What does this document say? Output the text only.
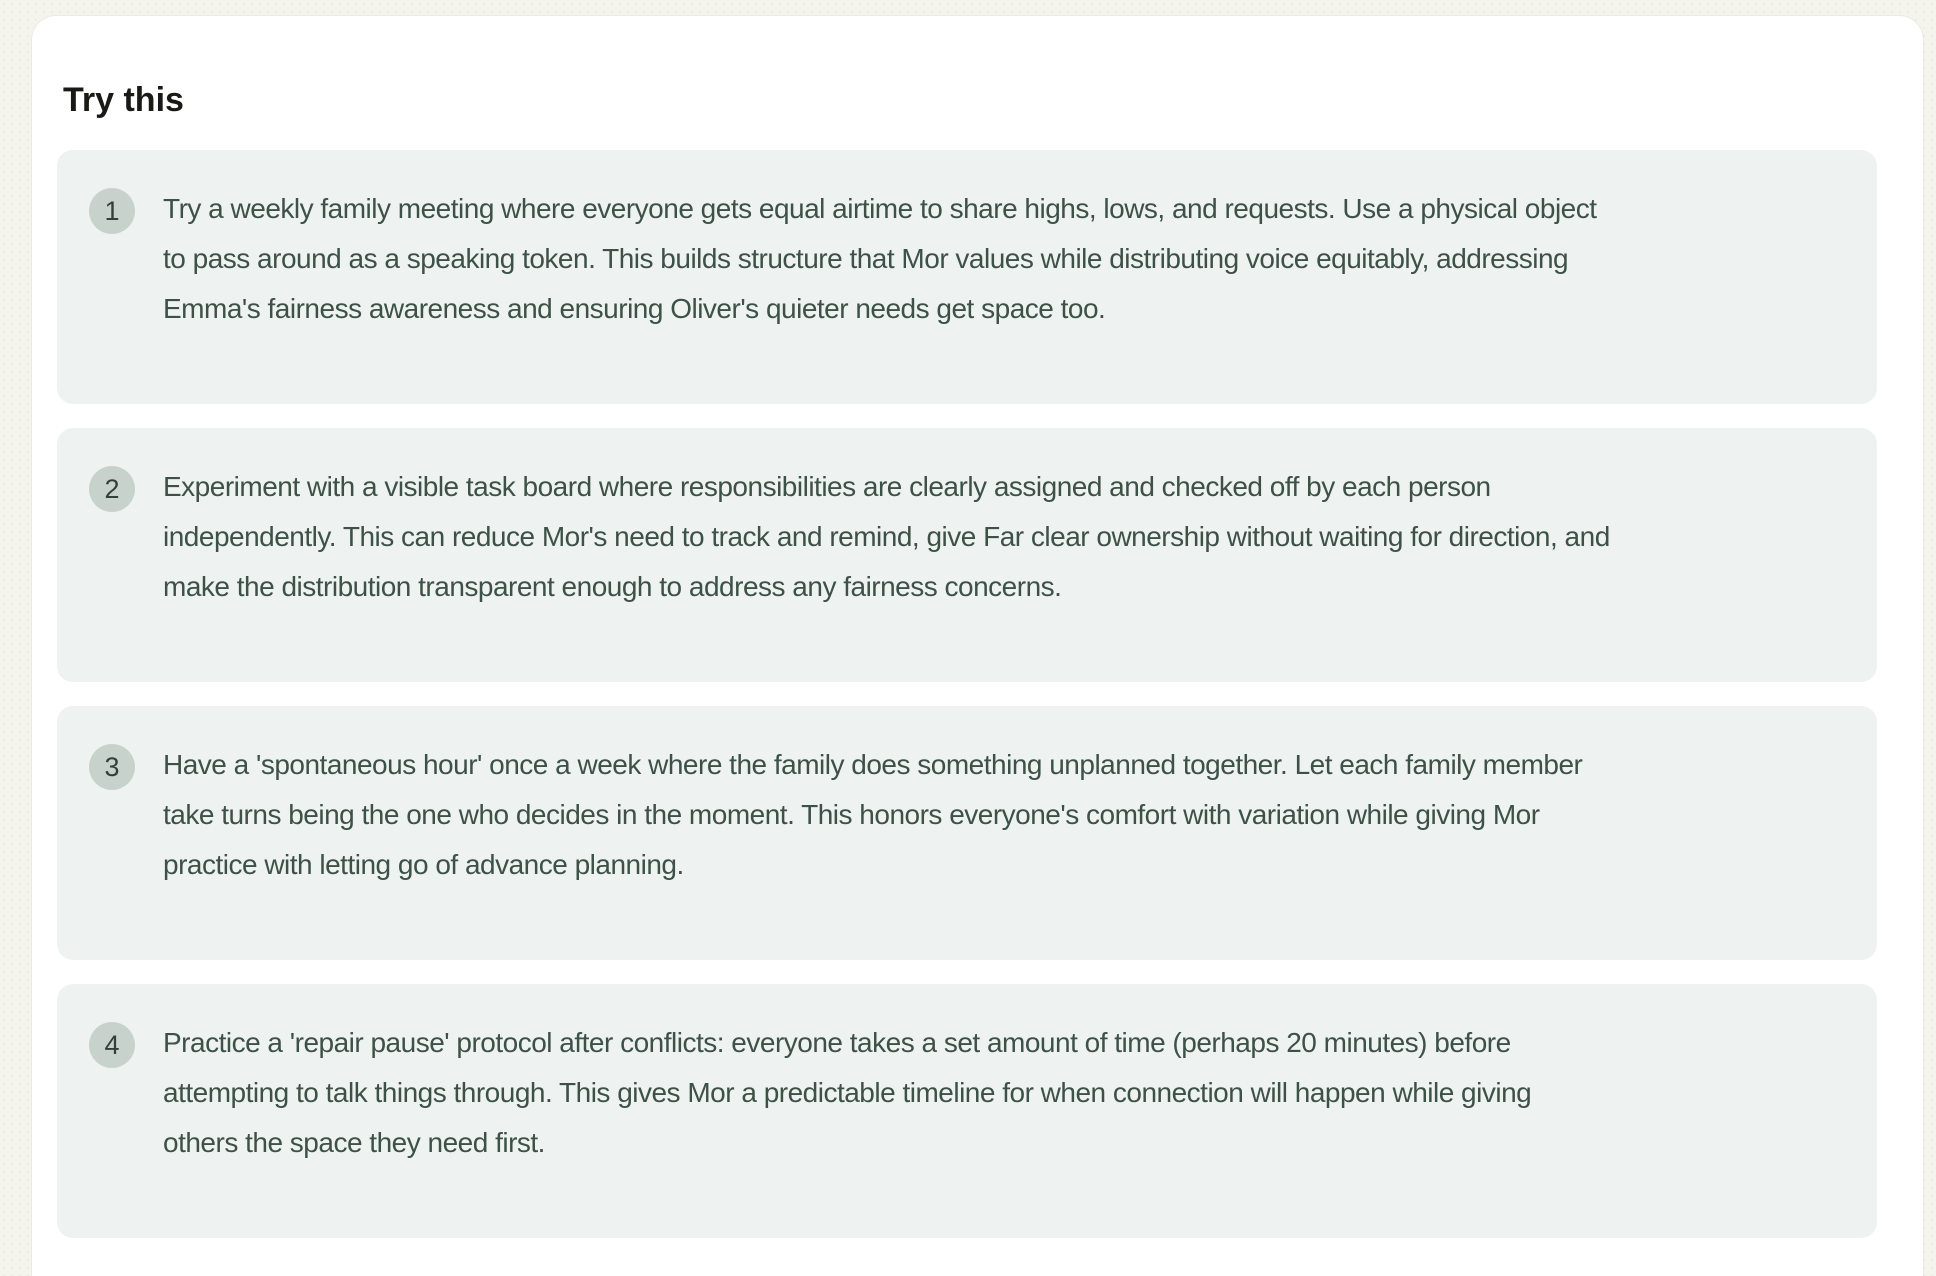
Try this
1	Try a weekly family meeting where everyone gets equal airtime to share highs, lows, and requests. Use a physical object
to pass around as a speaking token. This builds structure that Mor values while distributing voice equitably, addressing
Emma's fairness awareness and ensuring Oliver's quieter needs get space too.
2	Experiment with a visible task board where responsibilities are clearly assigned and checked off by each person
independently. This can reduce Mor's need to track and remind, give Far clear ownership without waiting for direction, and
make the distribution transparent enough to address any fairness concerns.
3	Have a 'spontaneous hour' once a week where the family does something unplanned together. Let each family member
take turns being the one who decides in the moment. This honors everyone's comfort with variation while giving Mor
practice with letting go of advance planning.
4	Practice a 'repair pause' protocol after conflicts: everyone takes a set amount of time (perhaps 20 minutes) before
attempting to talk things through. This gives Mor a predictable timeline for when connection will happen while giving
others the space they need first.
